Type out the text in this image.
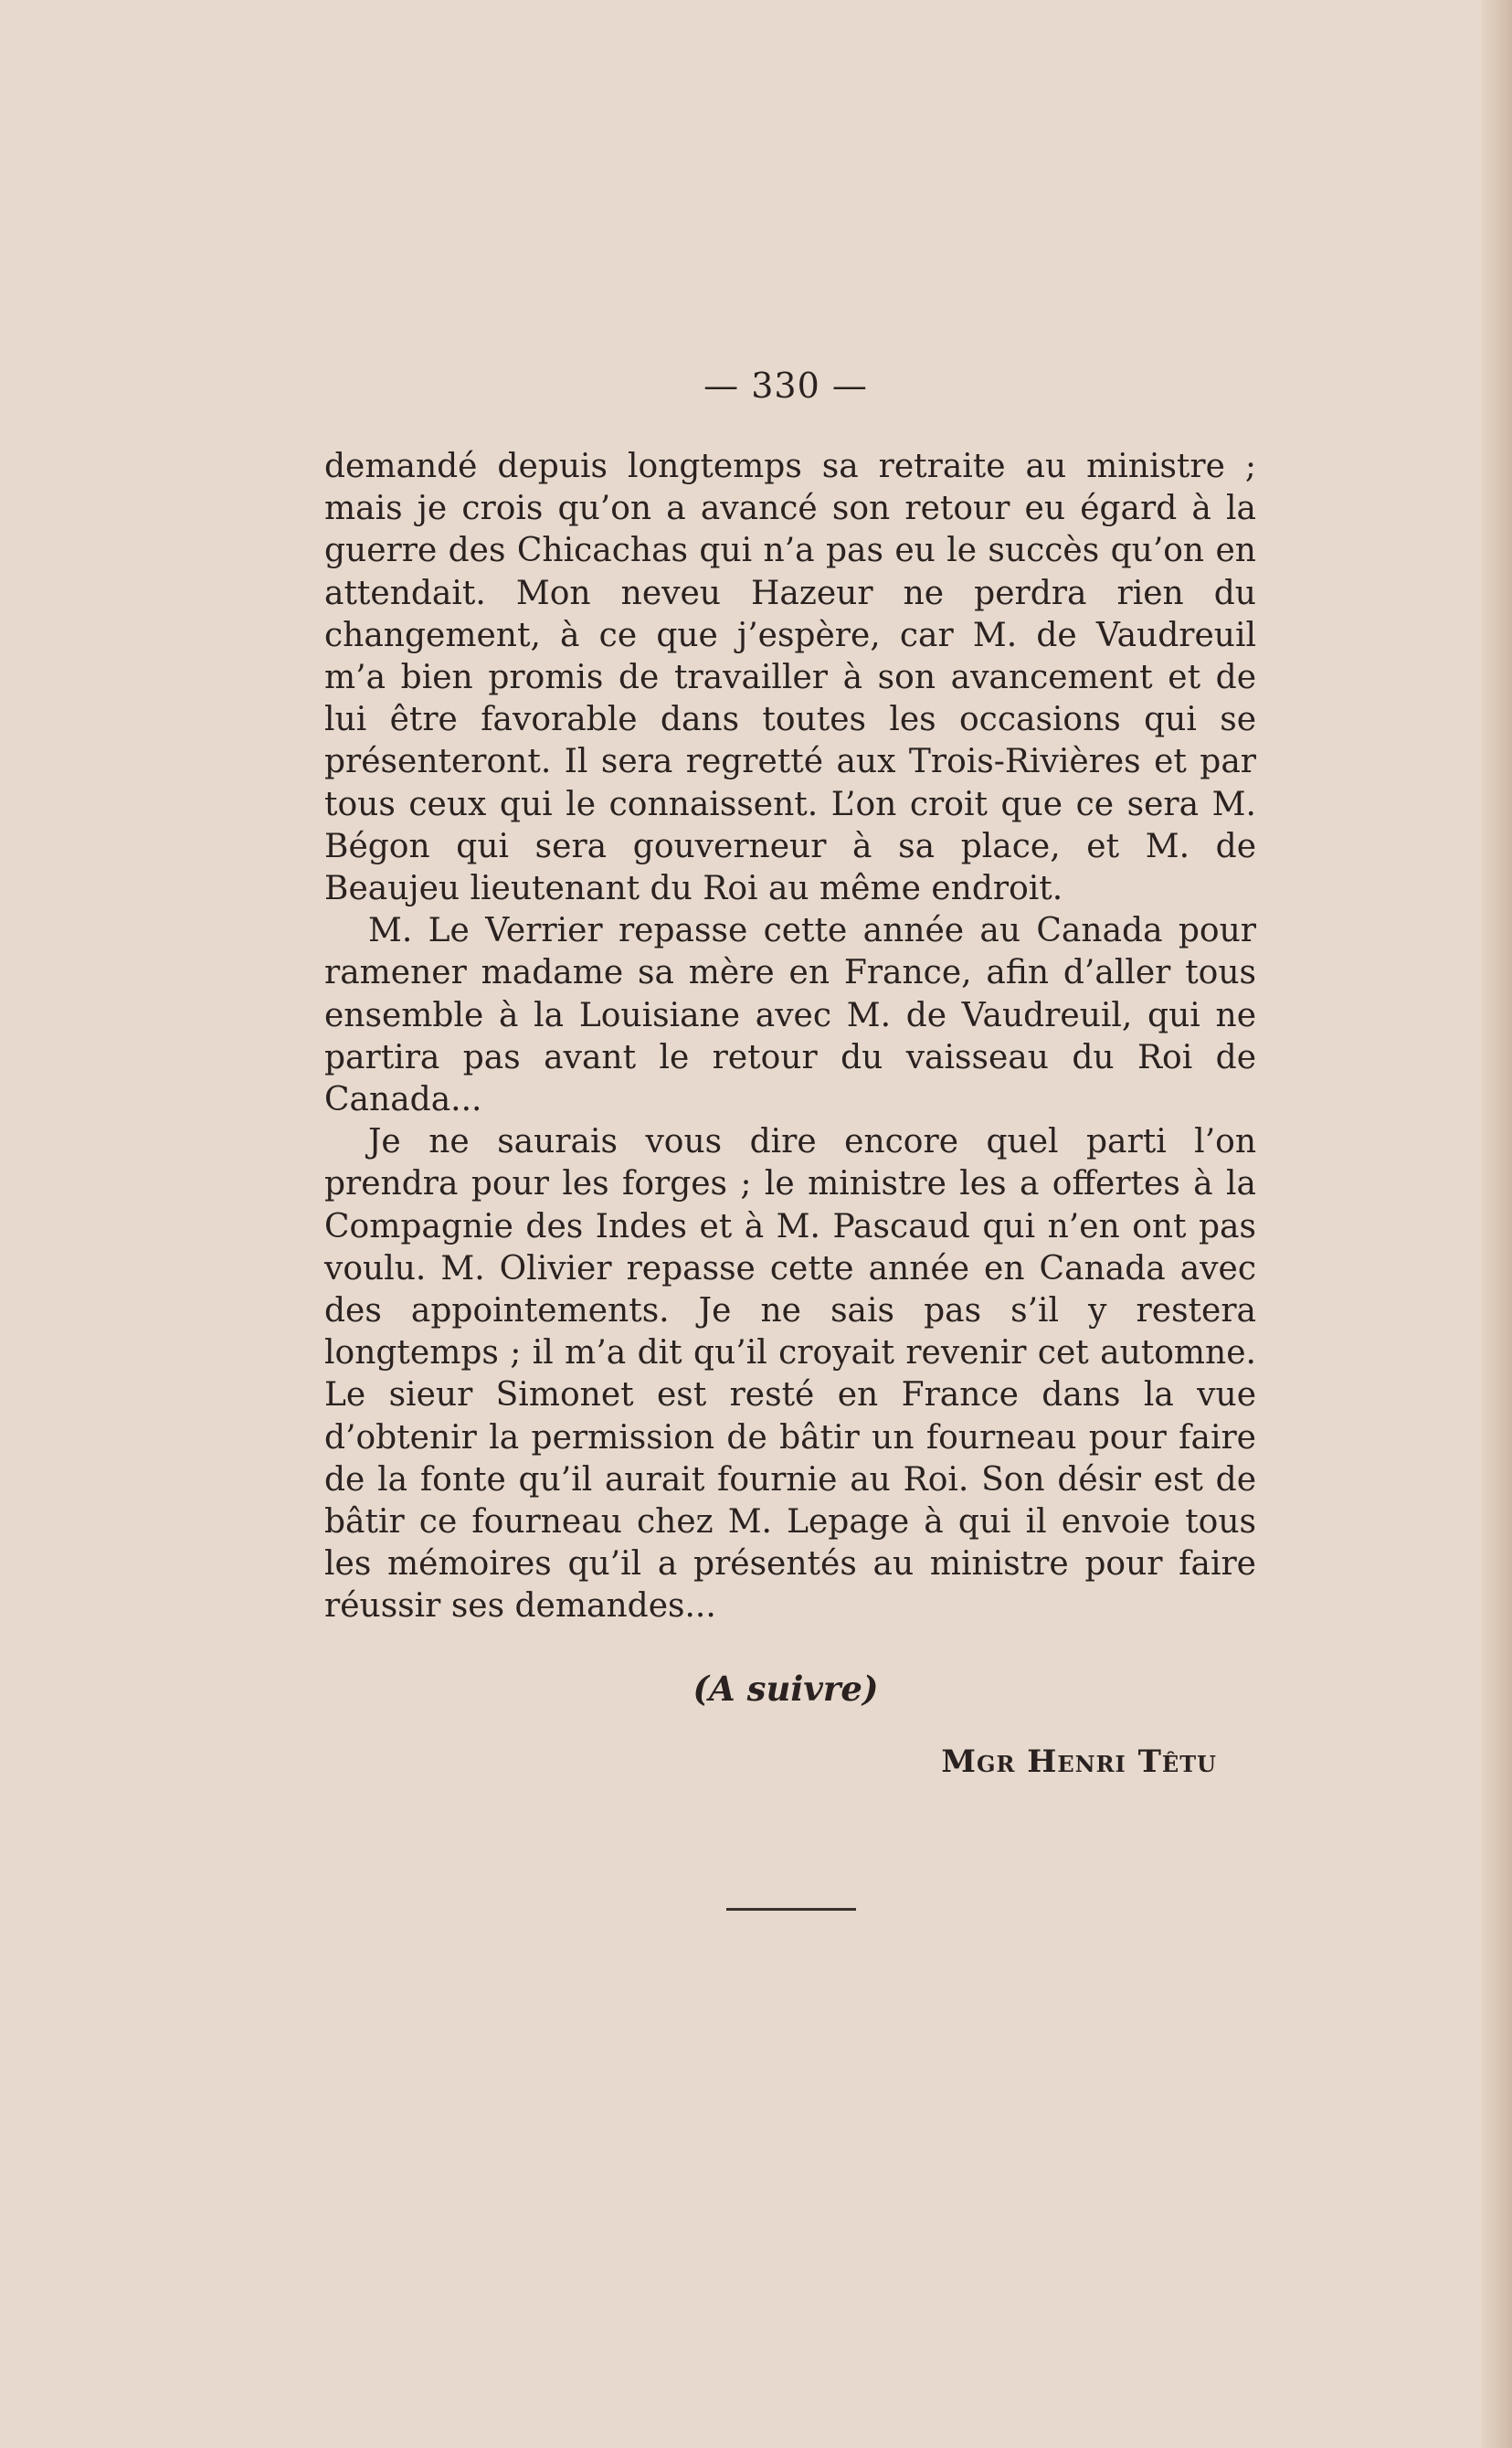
— 330 —

demandé depuis longtemps sa retraite au ministre ; mais je crois qu’on a avancé son retour eu égard à la guerre des Chicachas qui n’a pas eu le succès qu’on en attendait. Mon neveu Hazeur ne perdra rien du changement, à ce que j’espère, car M. de Vaudreuil m’a bien promis de travailler à son avancement et de lui être favorable dans toutes les occasions qui se présenteront. Il sera regretté aux Trois-Rivières et par tous ceux qui le connaissent. L’on croit que ce sera M. Bégon qui sera gouverneur à sa place, et M. de Beaujeu lieutenant du Roi au même endroit.

M. Le Verrier repasse cette année au Canada pour ramener madame sa mère en France, afin d’aller tous ensemble à la Louisiane avec M. de Vaudreuil, qui ne partira pas avant le retour du vaisseau du Roi de Canada...

Je ne saurais vous dire encore quel parti l’on prendra pour les forges ; le ministre les a offertes à la Compagnie des Indes et à M. Pascaud qui n’en ont pas voulu. M. Olivier repasse cette année en Canada avec des appointements. Je ne sais pas s’il y restera longtemps ; il m’a dit qu’il croyait revenir cet automne. Le sieur Simonet est resté en France dans la vue d’obtenir la permission de bâtir un fourneau pour faire de la fonte qu’il aurait fournie au Roi. Son désir est de bâtir ce fourneau chez M. Lepage à qui il envoie tous les mémoires qu’il a présentés au ministre pour faire réussir ses demandes...

(A suivre)
Mgr Henri Têtu
